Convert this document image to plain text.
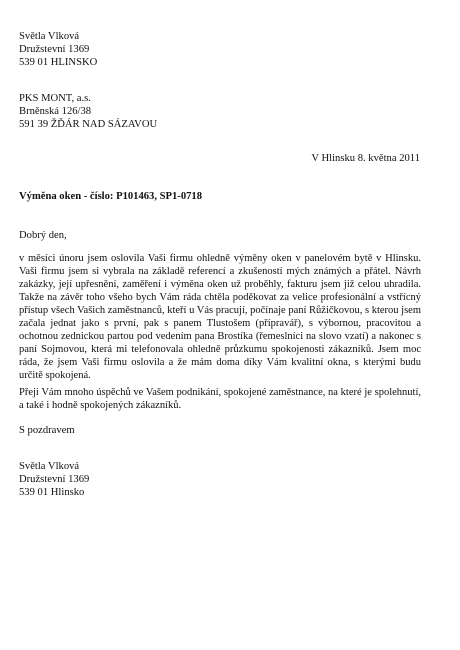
Světla Vlková
Družstevní 1369
539 01 HLINSKO
PKS MONT, a.s.
Brněnská 126/38
591 39 ŽĎÁR NAD SÁZAVOU
V Hlinsku 8. května 2011
Výměna oken - číslo: P101463, SP1-0718
Dobrý den,

v měsíci únoru jsem oslovila Vaši firmu ohledně výměny oken v panelovém bytě v Hlinsku. Vaši firmu jsem si vybrala na základě referencí a zkušeností mých známých a přátel. Návrh zakázky, její upřesnění, zaměření i výměna oken už proběhly, fakturu jsem již celou uhradila. Takže na závěr toho všeho bych Vám ráda chtěla poděkovat za velice profesionální a vstřícný přístup všech Vašich zaměstnanců, kteří u Vás pracují, počínaje paní Růžičkovou, s kterou jsem začala jednat jako s první, pak s panem Tlustošem (přípravář), s výbornou, pracovitou a ochotnou zednickou partou pod vedením pana Brostíka (řemeslníci na slovo vzatí) a nakonec s paní Sojmovou, která mi telefonovala ohledně průzkumu spokojenosti zákazníků. Jsem moc ráda, že jsem Vaši firmu oslovila a že mám doma díky Vám kvalitní okna, s kterými budu určitě spokojená.

Přeji Vám mnoho úspěchů ve Vašem podnikání, spokojené zaměstnance, na které je spolehnutí, a také i hodně spokojených zákazníků.

S pozdravem
Světla Vlková
Družstevní 1369
539 01 Hlinsko
